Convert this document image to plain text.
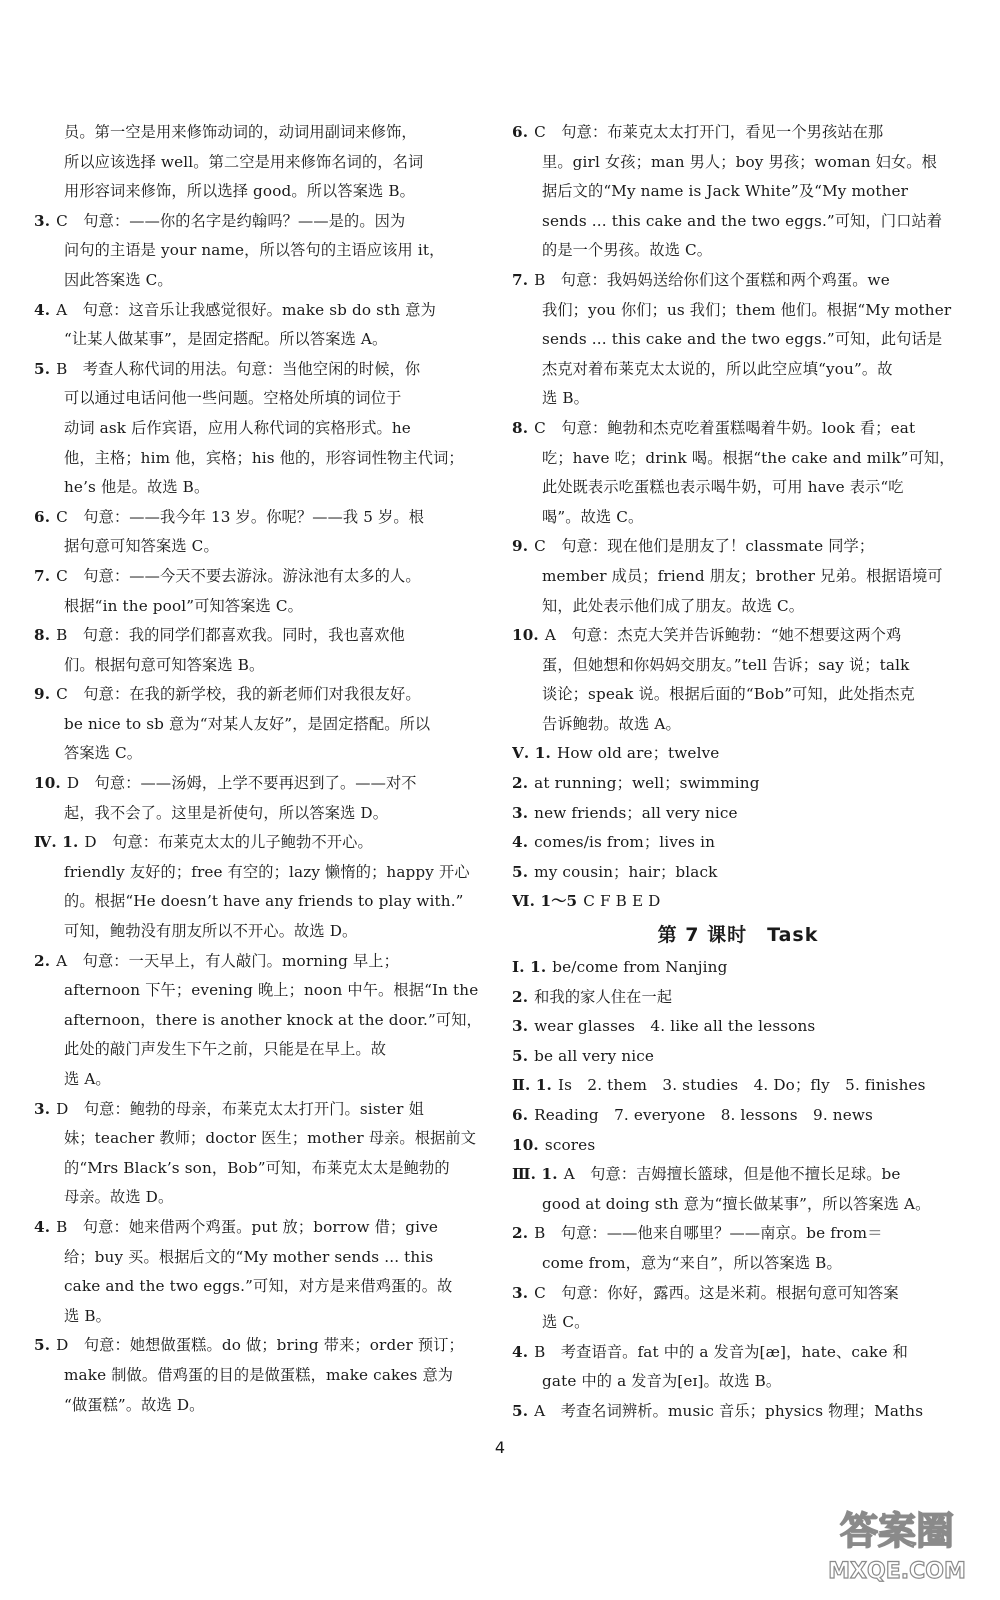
员。第一空是用来修饰动词的，动词用副词来修饰，
所以应该选择 well。第二空是用来修饰名词的，名词
用形容词来修饰，所以选择 good。所以答案选 B。
3. C　句意：——你的名字是约翰吗？——是的。因为
问句的主语是 your name，所以答句的主语应该用 it，
因此答案选 C。
4. A　句意：这音乐让我感觉很好。make sb do sth 意为
“让某人做某事”，是固定搭配。所以答案选 A。
5. B　考查人称代词的用法。句意：当他空闲的时候，你
可以通过电话问他一些问题。空格处所填的词位于
动词 ask 后作宾语，应用人称代词的宾格形式。he
他，主格；him 他，宾格；his 他的，形容词性物主代词；
he’s 他是。故选 B。
6. C　句意：——我今年 13 岁。你呢？——我 5 岁。根
据句意可知答案选 C。
7. C　句意：——今天不要去游泳。游泳池有太多的人。
根据“in the pool”可知答案选 C。
8. B　句意：我的同学们都喜欢我。同时，我也喜欢他
们。根据句意可知答案选 B。
9. C　句意：在我的新学校，我的新老师们对我很友好。
be nice to sb 意为“对某人友好”，是固定搭配。所以
答案选 C。
10. D　句意：——汤姆，上学不要再迟到了。——对不
起，我不会了。这里是祈使句，所以答案选 D。
Ⅳ. 1. D　句意：布莱克太太的儿子鲍勃不开心。
friendly 友好的；free 有空的；lazy 懒惰的；happy 开心
的。根据“He doesn’t have any friends to play with.”
可知，鲍勃没有朋友所以不开心。故选 D。
2. A　句意：一天早上，有人敲门。morning 早上；
afternoon 下午；evening 晚上；noon 中午。根据“In the
afternoon，there is another knock at the door.”可知，
此处的敲门声发生下午之前，只能是在早上。故
选 A。
3. D　句意：鲍勃的母亲，布莱克太太打开门。sister 姐
妹；teacher 教师；doctor 医生；mother 母亲。根据前文
的“Mrs Black’s son，Bob”可知，布莱克太太是鲍勃的
母亲。故选 D。
4. B　句意：她来借两个鸡蛋。put 放；borrow 借；give
给；buy 买。根据后文的“My mother sends ... this
cake and the two eggs.”可知，对方是来借鸡蛋的。故
选 B。
5. D　句意：她想做蛋糕。do 做；bring 带来；order 预订；
make 制做。借鸡蛋的目的是做蛋糕，make cakes 意为
“做蛋糕”。故选 D。
6. C　句意：布莱克太太打开门，看见一个男孩站在那
里。girl 女孩；man 男人；boy 男孩；woman 妇女。根
据后文的“My name is Jack White”及“My mother
sends ... this cake and the two eggs.”可知，门口站着
的是一个男孩。故选 C。
7. B　句意：我妈妈送给你们这个蛋糕和两个鸡蛋。we
我们；you 你们；us 我们；them 他们。根据“My mother
sends ... this cake and the two eggs.”可知，此句话是
杰克对着布莱克太太说的，所以此空应填“you”。故
选 B。
8. C　句意：鲍勃和杰克吃着蛋糕喝着牛奶。look 看；eat
吃；have 吃；drink 喝。根据“the cake and milk”可知，
此处既表示吃蛋糕也表示喝牛奶，可用 have 表示“吃
喝”。故选 C。
9. C　句意：现在他们是朋友了！classmate 同学；
member 成员；friend 朋友；brother 兄弟。根据语境可
知，此处表示他们成了朋友。故选 C。
10. A　句意：杰克大笑并告诉鲍勃：“她不想要这两个鸡
蛋，但她想和你妈妈交朋友。”tell 告诉；say 说；talk
谈论；speak 说。根据后面的“Bob”可知，此处指杰克
告诉鲍勃。故选 A。
Ⅴ. 1. How old are；twelve
2. at running；well；swimming
3. new friends；all very nice
4. comes/is from；lives in
5. my cousin；hair；black
Ⅵ. 1～5 C F B E D
第 7 课时　Task
Ⅰ. 1. be/come from Nanjing
2. 和我的家人住在一起
3. wear glasses　4. like all the lessons
5. be all very nice
Ⅱ. 1. Is　2. them　3. studies　4. Do；fly　5. finishes
6. Reading　7. everyone　8. lessons　9. news
10. scores
Ⅲ. 1. A　句意：吉姆擅长篮球，但是他不擅长足球。be
good at doing sth 意为“擅长做某事”，所以答案选 A。
2. B　句意：——他来自哪里？——南京。be from＝
come from，意为“来自”，所以答案选 B。
3. C　句意：你好，露西。这是米莉。根据句意可知答案
选 C。
4. B　考查语音。fat 中的 a 发音为[æ]，hate、cake 和
gate 中的 a 发音为[eɪ]。故选 B。
5. A　考查名词辨析。music 音乐；physics 物理；Maths
4
答案圈
MXQE.COM
